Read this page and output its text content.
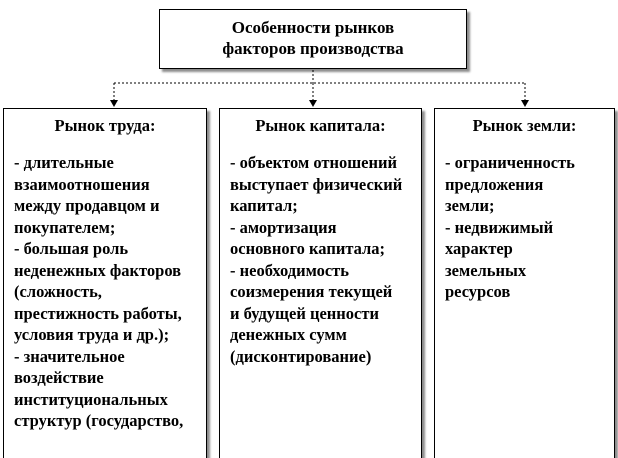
Особенности рынков
факторов производства
Рынок труда:
- длительные
взаимоотношения
между продавцом и
покупателем;
- большая роль
неденежных факторов
(сложность,
престижность работы,
условия труда и др.);
- значительное
воздействие
институциональных
структур (государство,
Рынок капитала:
- объектом отношений
выступает физический
капитал;
- амортизация
основного капитала;
- необходимость
соизмерения текущей
и будущей ценности
денежных сумм
(дисконтирование)
Рынок земли:
- ограниченность
предложения
земли;
- недвижимый
характер
земельных
ресурсов
